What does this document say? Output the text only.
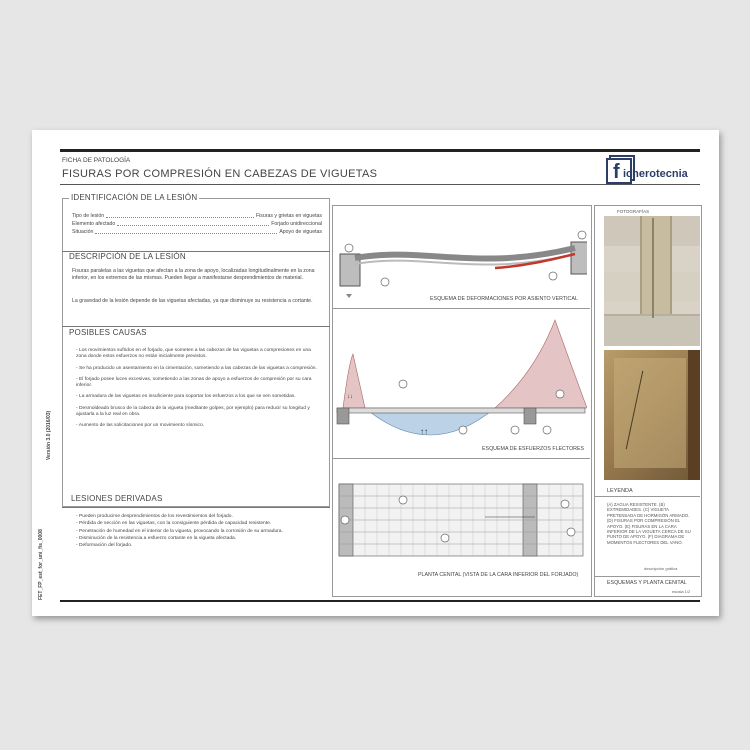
FICHA DE PATOLOGÍA
FISURAS POR COMPRESIÓN EN CABEZAS DE VIGUETAS	f icherotecnia
FET_FP_est_for_uni_fis_0008
Versión 3.0 (2016/03)
IDENTIFICACIÓN DE LA LESIÓN
Tipo de lesión	Fisuras y grietas en viguetas
Elemento afectado	Forjado unidireccional
Situación	Apoyo de viguetas
DESCRIPCIÓN DE LA LESIÓN
Fisuras paralelas a las viguetas que afectan a la zona de apoyo, localizadas longitudinalmente en la zona inferior, en los extremos de las mismas. Pueden llegar a manifestarse desprendimientos de material.
La gravedad de la lesión depende de las viguetas afectadas, ya que disminuye su resistencia a cortante.
POSIBLES CAUSAS
- Los movimientos sufridos en el forjado, que someten a las cabezas de las viguetas a compresiones en una zona donde estos esfuerzos no están inicialmente previstos.
- Se ha producido un asentamiento en la cimentación, sometiendo a las cabezas de las viguetas a compresión.
- El forjado posee luces excesivas, sometiendo a las zonas de apoyo a esfuerzos de compresión por su cara inferior.
- La armadura de las viguetas es insuficiente para soportar los esfuerzos a los que se ven sometidas.
- Desmoldeado brusco de la cabeza de la vigueta (meditante golpes, por ejemplo) para reducir su longitud y ajustarla a la luz real en obra.
- Aumento de las solicitaciones por un movimiento sísmico.
LESIONES DERIVADAS
- Pueden producirse desprendimientos de los revestimientos del forjado.
- Pérdida de sección en las viguetas, con la consiguiente pérdida de capacidad resistente.
- Penetración de humedad en el interior de la vigueta, provocando la corrosión de su armadura.
- Disminución de la resistencia a esfuerzo cortante en la vigueta afectada.
- Deformación del forjado.
ESQUEMA DE DEFORMACIONES POR ASIENTO VERTICAL
↑↑
↓↓
ESQUEMA DE ESFUERZOS FLECTORES
PLANTA CENITAL (VISTA DE LA CARA INFERIOR DEL FORJADO)
FOTOGRAFÍAS
LEYENDA
(A) ZAGUA RESISTENTE. (B) EXTREMIDADES. (C) VIGUETA PRETENSADA DE HORMIGÓN ARMADO. (D) FISURAS POR COMPRESIÓN EL APOYO. (E) FISURAS EN LA CARA INFERIOR DE LA VIGUETA CERCA DE SU PUNTO DE APOYO. (F) DIAGRAMA DE MOMENTOS FLECTORES DEL VANO.
descripción gráfica
ESQUEMAS Y PLANTA CENITAL
escala 1/2
